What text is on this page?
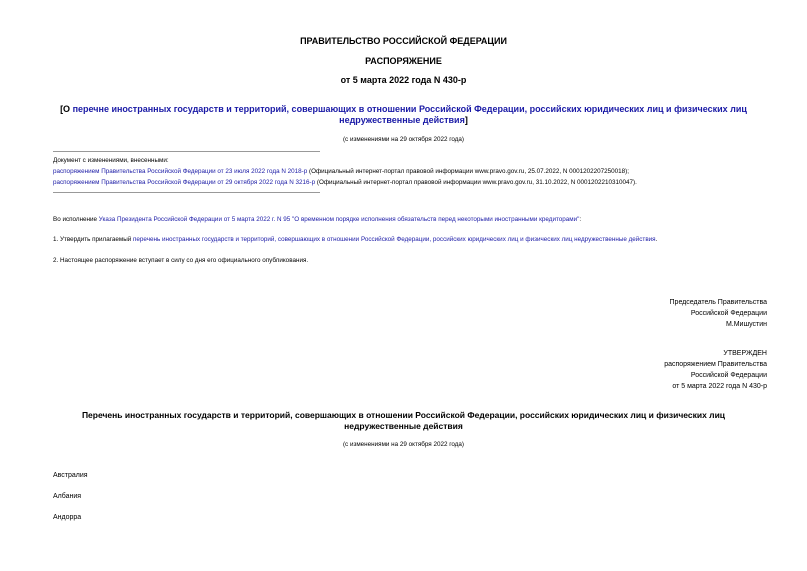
ПРАВИТЕЛЬСТВО РОССИЙСКОЙ ФЕДЕРАЦИИ
РАСПОРЯЖЕНИЕ
от 5 марта 2022 года N 430-р
[О перечне иностранных государств и территорий, совершающих в отношении Российской Федерации, российских юридических лиц и физических лиц недружественные действия]
(с изменениями на 29 октября 2022 года)
Документ с изменениями, внесенными:
распоряжением Правительства Российской Федерации от 23 июля 2022 года N 2018-р (Официальный интернет-портал правовой информации www.pravo.gov.ru, 25.07.2022, N 0001202207250018);
распоряжением Правительства Российской Федерации от 29 октября 2022 года N 3216-р (Официальный интернет-портал правовой информации www.pravo.gov.ru, 31.10.2022, N 0001202210310047).
Во исполнение Указа Президента Российской Федерации от 5 марта 2022 г. N 95 "О временном порядке исполнения обязательств перед некоторыми иностранными кредиторами":
1. Утвердить прилагаемый перечень иностранных государств и территорий, совершающих в отношении Российской Федерации, российских юридических лиц и физических лиц недружественные действия.
2. Настоящее распоряжение вступает в силу со дня его официального опубликования.
Председатель Правительства
Российской Федерации
М.Мишустин
УТВЕРЖДЕН
распоряжением Правительства
Российской Федерации
от 5 марта 2022 года N 430-р
Перечень иностранных государств и территорий, совершающих в отношении Российской Федерации, российских юридических лиц и физических лиц недружественные действия
(с изменениями на 29 октября 2022 года)
Австралия
Албания
Андорра
